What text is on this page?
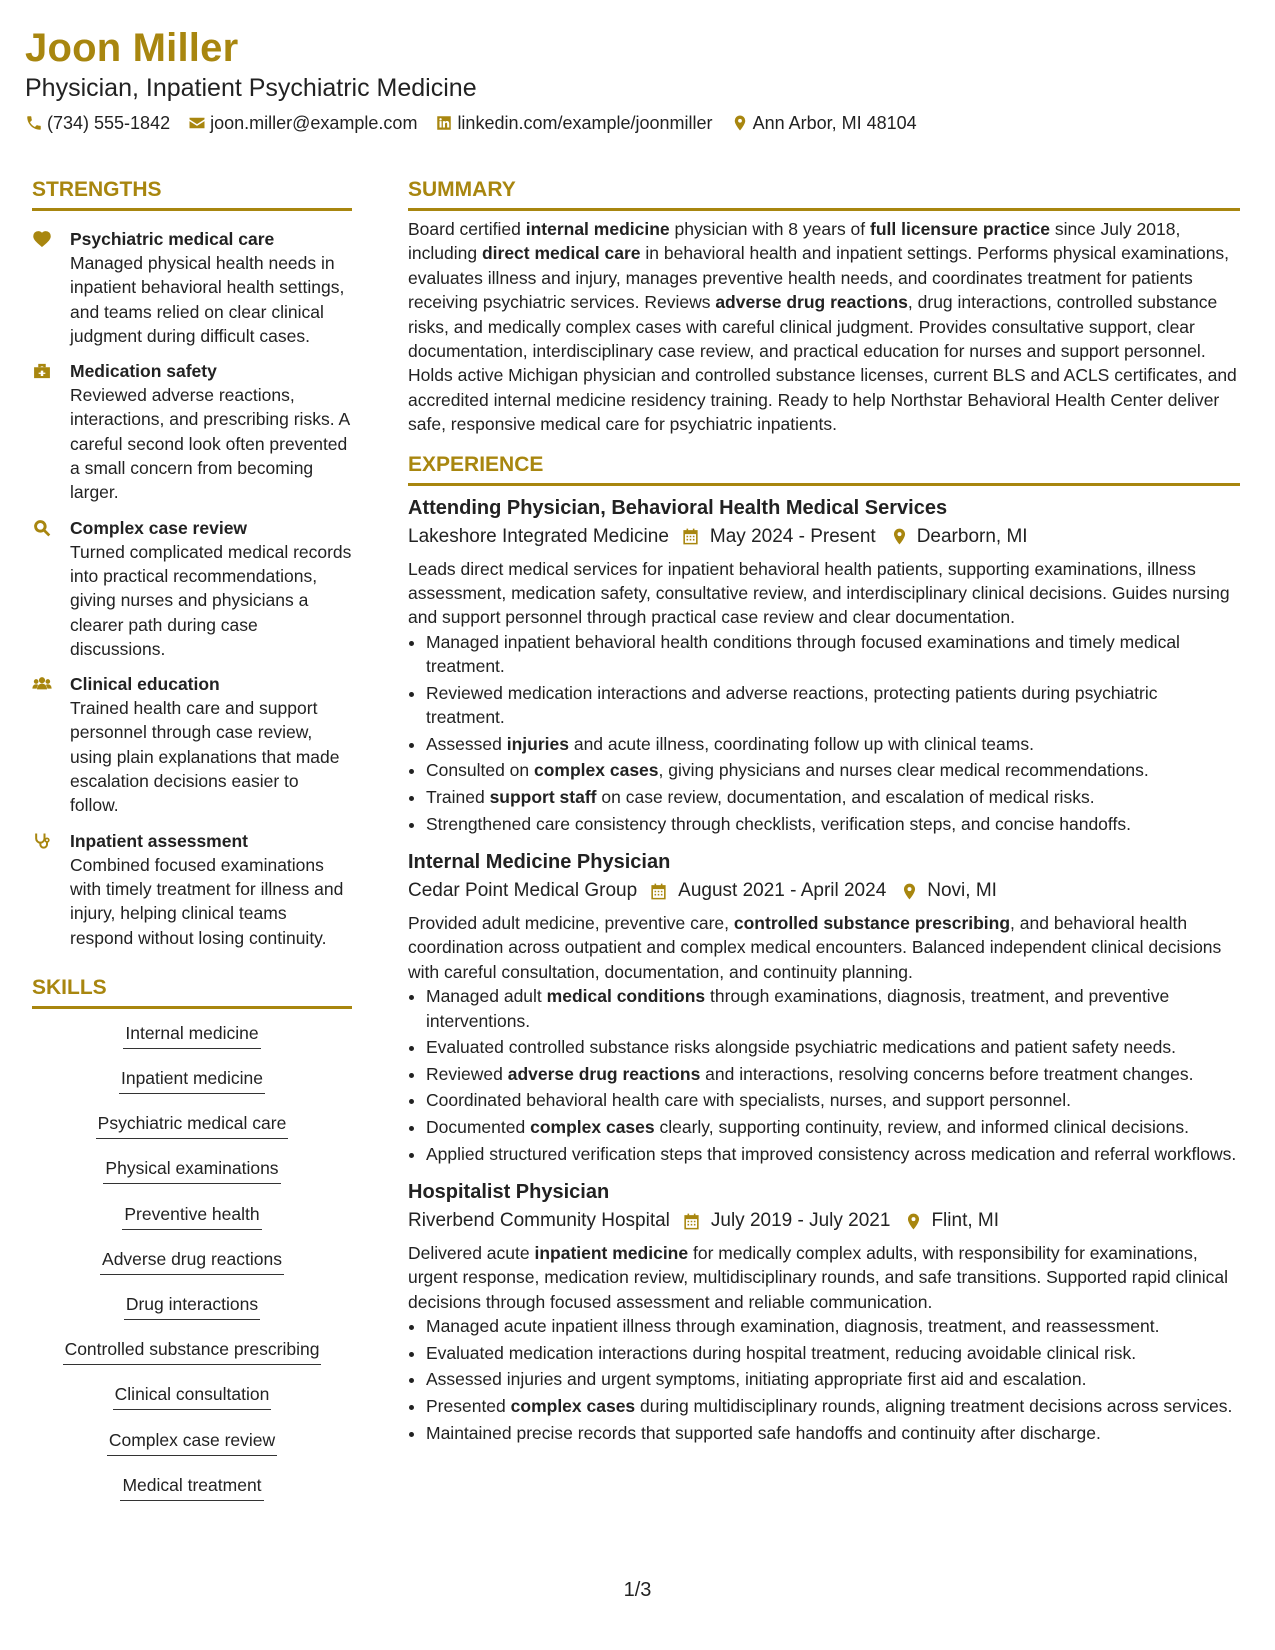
Joon Miller
Physician, Inpatient Psychiatric Medicine
(734) 555-1842 joon.miller@example.com linkedin.com/example/joonmiller Ann Arbor, MI 48104
STRENGTHS
Psychiatric medical care
Managed physical health needs in inpatient behavioral health settings, and teams relied on clear clinical judgment during difficult cases.
Medication safety
Reviewed adverse reactions, interactions, and prescribing risks. A careful second look often prevented a small concern from becoming larger.
Complex case review
Turned complicated medical records into practical recommendations, giving nurses and physicians a clearer path during case discussions.
Clinical education
Trained health care and support personnel through case review, using plain explanations that made escalation decisions easier to follow.
Inpatient assessment
Combined focused examinations with timely treatment for illness and injury, helping clinical teams respond without losing continuity.
SKILLS
Internal medicine
Inpatient medicine
Psychiatric medical care
Physical examinations
Preventive health
Adverse drug reactions
Drug interactions
Controlled substance prescribing
Clinical consultation
Complex case review
Medical treatment
SUMMARY
Board certified internal medicine physician with 8 years of full licensure practice since July 2018, including direct medical care in behavioral health and inpatient settings. Performs physical examinations, evaluates illness and injury, manages preventive health needs, and coordinates treatment for patients receiving psychiatric services. Reviews adverse drug reactions, drug interactions, controlled substance risks, and medically complex cases with careful clinical judgment. Provides consultative support, clear documentation, interdisciplinary case review, and practical education for nurses and support personnel. Holds active Michigan physician and controlled substance licenses, current BLS and ACLS certificates, and accredited internal medicine residency training. Ready to help Northstar Behavioral Health Center deliver safe, responsive medical care for psychiatric inpatients.
EXPERIENCE
Attending Physician, Behavioral Health Medical Services
Lakeshore Integrated Medicine May 2024 - Present Dearborn, MI
Leads direct medical services for inpatient behavioral health patients, supporting examinations, illness assessment, medication safety, consultative review, and interdisciplinary clinical decisions. Guides nursing and support personnel through practical case review and clear documentation.
• Managed inpatient behavioral health conditions through focused examinations and timely medical treatment.
• Reviewed medication interactions and adverse reactions, protecting patients during psychiatric treatment.
• Assessed injuries and acute illness, coordinating follow up with clinical teams.
• Consulted on complex cases, giving physicians and nurses clear medical recommendations.
• Trained support staff on case review, documentation, and escalation of medical risks.
• Strengthened care consistency through checklists, verification steps, and concise handoffs.
Internal Medicine Physician
Cedar Point Medical Group August 2021 - April 2024 Novi, MI
Provided adult medicine, preventive care, controlled substance prescribing, and behavioral health coordination across outpatient and complex medical encounters. Balanced independent clinical decisions with careful consultation, documentation, and continuity planning.
• Managed adult medical conditions through examinations, diagnosis, treatment, and preventive interventions.
• Evaluated controlled substance risks alongside psychiatric medications and patient safety needs.
• Reviewed adverse drug reactions and interactions, resolving concerns before treatment changes.
• Coordinated behavioral health care with specialists, nurses, and support personnel.
• Documented complex cases clearly, supporting continuity, review, and informed clinical decisions.
• Applied structured verification steps that improved consistency across medication and referral workflows.
Hospitalist Physician
Riverbend Community Hospital July 2019 - July 2021 Flint, MI
Delivered acute inpatient medicine for medically complex adults, with responsibility for examinations, urgent response, medication review, multidisciplinary rounds, and safe transitions. Supported rapid clinical decisions through focused assessment and reliable communication.
• Managed acute inpatient illness through examination, diagnosis, treatment, and reassessment.
• Evaluated medication interactions during hospital treatment, reducing avoidable clinical risk.
• Assessed injuries and urgent symptoms, initiating appropriate first aid and escalation.
• Presented complex cases during multidisciplinary rounds, aligning treatment decisions across services.
• Maintained precise records that supported safe handoffs and continuity after discharge.
1/3
